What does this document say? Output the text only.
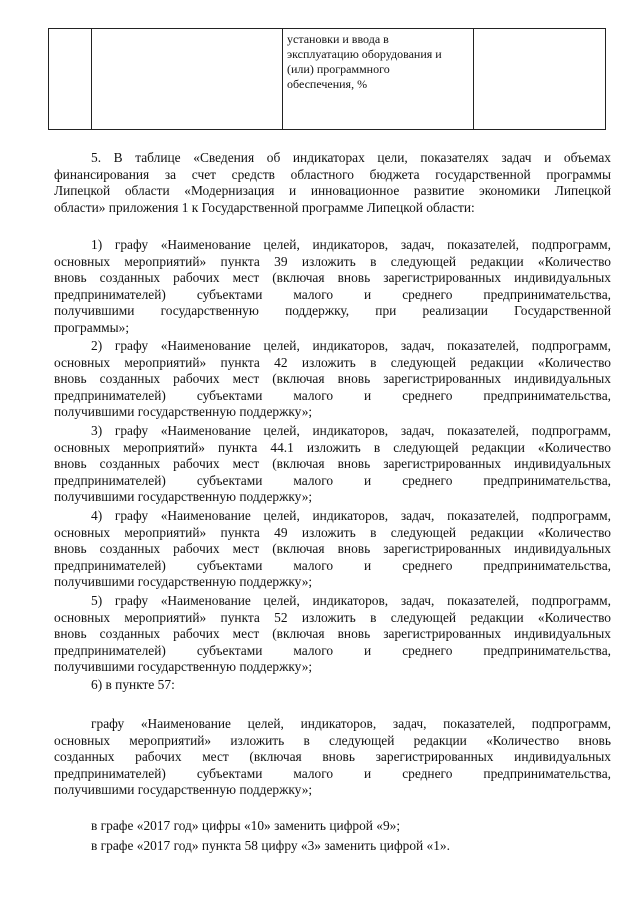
установки и ввода в
эксплуатацию оборудования и
(или) программного
обеспечения, %

5. В таблице «Сведения об индикаторах цели, показателях задач и объемах
финансирования за счет средств областного бюджета государственной программы
Липецкой области «Модернизация и инновационное развитие экономики Липецкой
области» приложения 1 к Государственной программе Липецкой области:
1) графу «Наименование целей, индикаторов, задач, показателей, подпрограмм,
основных мероприятий» пункта 39 изложить в следующей редакции «Количество
вновь созданных рабочих мест (включая вновь зарегистрированных индивидуальных
предпринимателей) субъектами малого и среднего предпринимательства,
получившими государственную поддержку, при реализации Государственной
программы»;
2) графу «Наименование целей, индикаторов, задач, показателей, подпрограмм,
основных мероприятий» пункта 42 изложить в следующей редакции «Количество
вновь созданных рабочих мест (включая вновь зарегистрированных индивидуальных
предпринимателей) субъектами малого и среднего предпринимательства,
получившими государственную поддержку»;
3) графу «Наименование целей, индикаторов, задач, показателей, подпрограмм,
основных мероприятий» пункта 44.1 изложить в следующей редакции «Количество
вновь созданных рабочих мест (включая вновь зарегистрированных индивидуальных
предпринимателей) субъектами малого и среднего предпринимательства,
получившими государственную поддержку»;
4) графу «Наименование целей, индикаторов, задач, показателей, подпрограмм,
основных мероприятий» пункта 49 изложить в следующей редакции «Количество
вновь созданных рабочих мест (включая вновь зарегистрированных индивидуальных
предпринимателей) субъектами малого и среднего предпринимательства,
получившими государственную поддержку»;
5) графу «Наименование целей, индикаторов, задач, показателей, подпрограмм,
основных мероприятий» пункта 52 изложить в следующей редакции «Количество
вновь созданных рабочих мест (включая вновь зарегистрированных индивидуальных
предпринимателей) субъектами малого и среднего предпринимательства,
получившими государственную поддержку»;
6) в пункте 57:
графу «Наименование целей, индикаторов, задач, показателей, подпрограмм,
основных мероприятий» изложить в следующей редакции «Количество вновь
созданных рабочих мест (включая вновь зарегистрированных индивидуальных
предпринимателей) субъектами малого и среднего предпринимательства,
получившими государственную поддержку»;
в графе «2017 год» цифры «10» заменить цифрой «9»;
в графе «2017 год» пункта 58 цифру «3» заменить цифрой «1».
